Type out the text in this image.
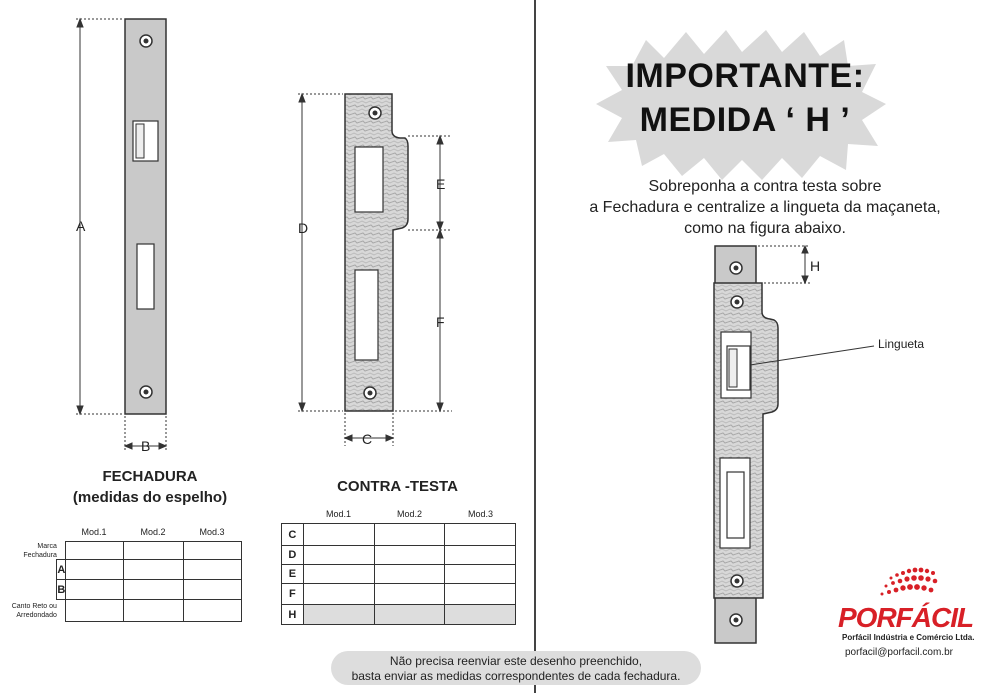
A
B
D
E
F
C
FECHADURA
(medidas do espelho)
CONTRA -TESTA
Mod.1	Mod.2	Mod.3
Marca
Fechadura				
	A			
	B			
Canto Reto ou
Arredondado				
Mod.1	Mod.2	Mod.3
C			
D			
E			
F			
H			
Não precisa reenviar este desenho preenchido,
basta enviar as medidas correspondentes de cada fechadura.
IMPORTANTE:
MEDIDA ‘ H ’
Sobreponha a contra testa sobre
a Fechadura e centralize a lingueta da maçaneta,
como na figura abaixo.
H
Lingueta
PORFÁCIL
Porfácil Indústria e Comércio Ltda.
porfacil@porfacil.com.br
